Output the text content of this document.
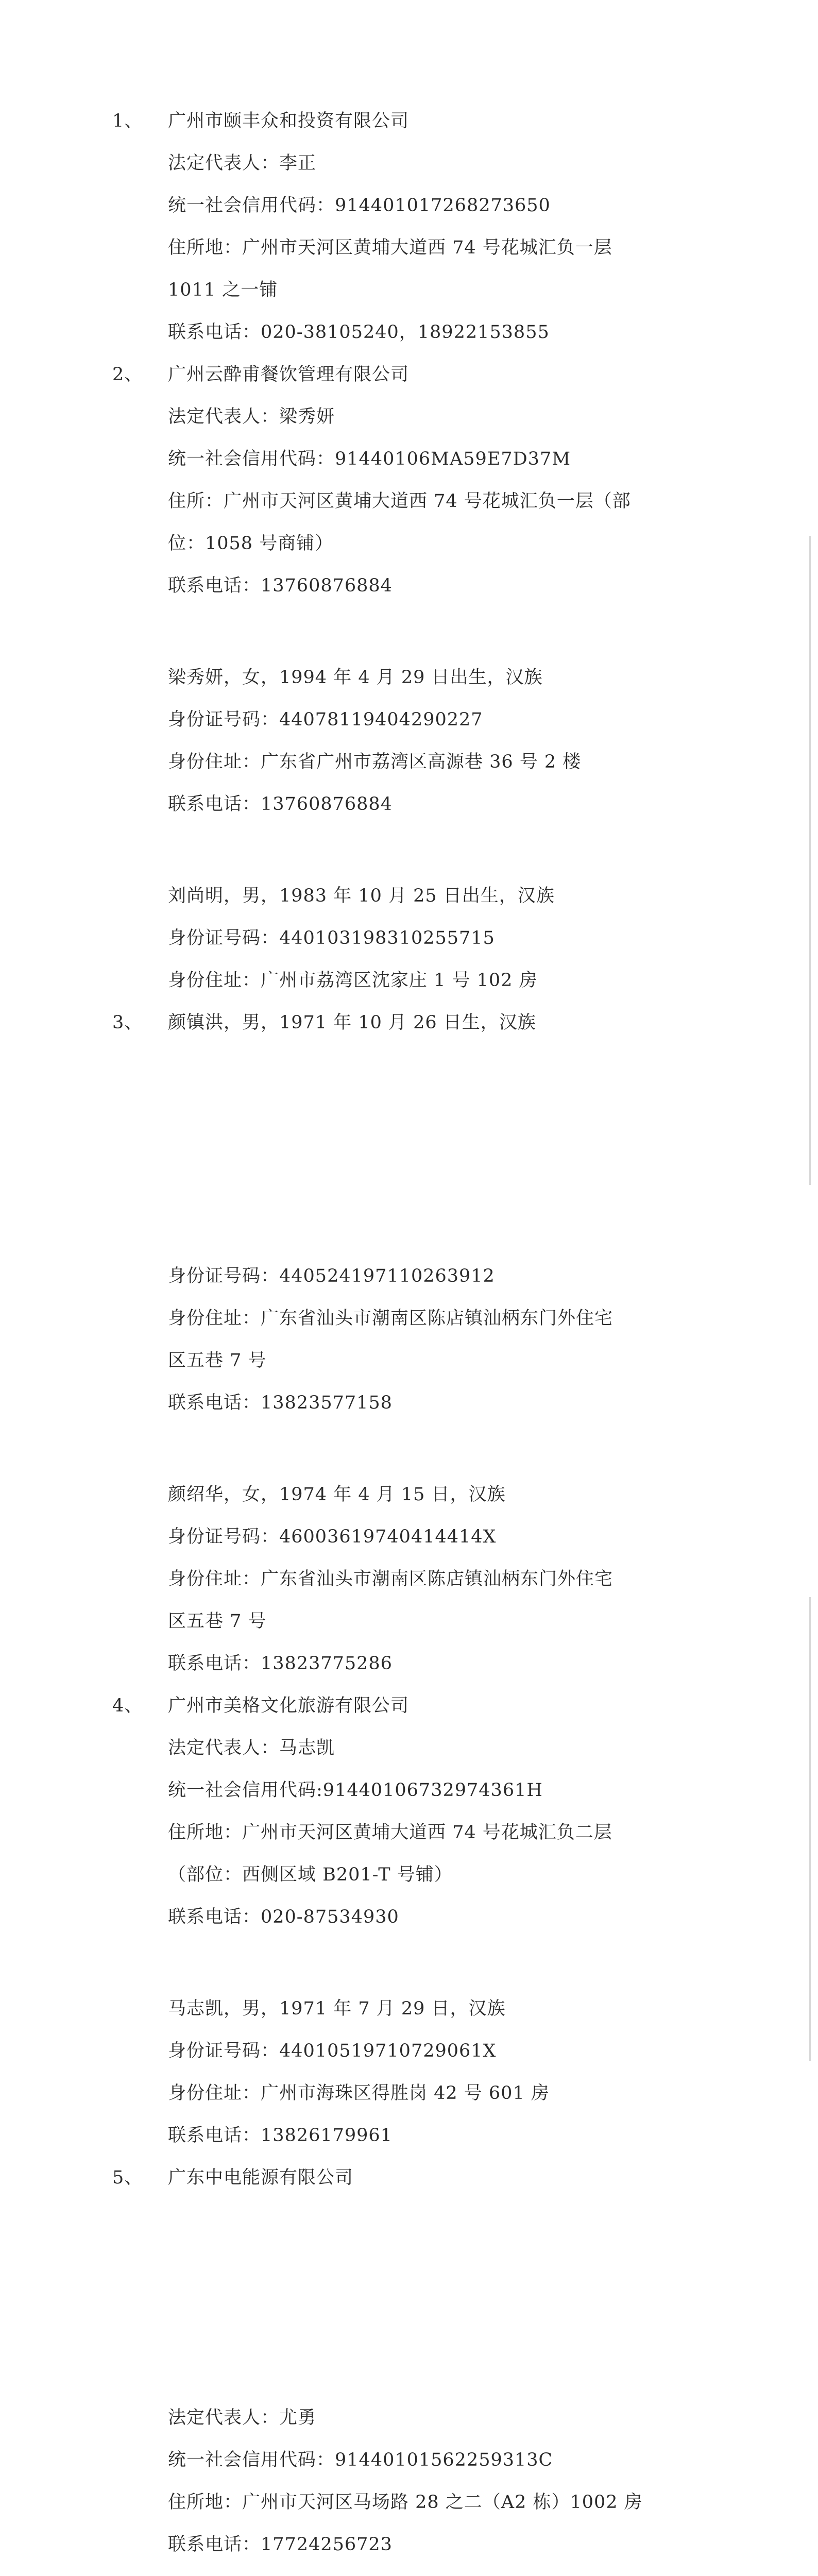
1、 广州市颐丰众和投资有限公司
法定代表人：李正
统一社会信用代码：914401017268273650
住所地：广州市天河区黄埔大道西 74 号花城汇负一层
1011 之一铺
联系电话：020-38105240，18922153855
2、 广州云酔甫餐饮管理有限公司
法定代表人：梁秀妍
统一社会信用代码：91440106MA59E7D37M
住所：广州市天河区黄埔大道西 74 号花城汇负一层（部
位：1058 号商铺）
联系电话：13760876884
梁秀妍，女，1994 年 4 月 29 日出生，汉族
身份证号码：44078119404290227
身份住址：广东省广州市荔湾区高源巷 36 号 2 楼
联系电话：13760876884
刘尚明，男，1983 年 10 月 25 日出生，汉族
身份证号码：440103198310255715
身份住址：广州市荔湾区沈家庄 1 号 102 房
3、 颜镇洪，男，1971 年 10 月 26 日生，汉族
身份证号码：440524197110263912
身份住址：广东省汕头市潮南区陈店镇汕柄东门外住宅
区五巷 7 号
联系电话：13823577158
颜绍华，女，1974 年 4 月 15 日，汉族
身份证号码：46003619740414414X
身份住址：广东省汕头市潮南区陈店镇汕柄东门外住宅
区五巷 7 号
联系电话：13823775286
4、 广州市美格文化旅游有限公司
法定代表人：马志凯
统一社会信用代码:91440106732974361H
住所地：广州市天河区黄埔大道西 74 号花城汇负二层
（部位：西侧区域 B201-T 号铺）
联系电话：020-87534930
马志凯，男，1971 年 7 月 29 日，汉族
身份证号码：44010519710729061X
身份住址：广州市海珠区得胜岗 42 号 601 房
联系电话：13826179961
5、 广东中电能源有限公司
法定代表人：尤勇
统一社会信用代码：91440101562259313C
住所地：广州市天河区马场路 28 之二（A2 栋）1002 房
联系电话：17724256723
